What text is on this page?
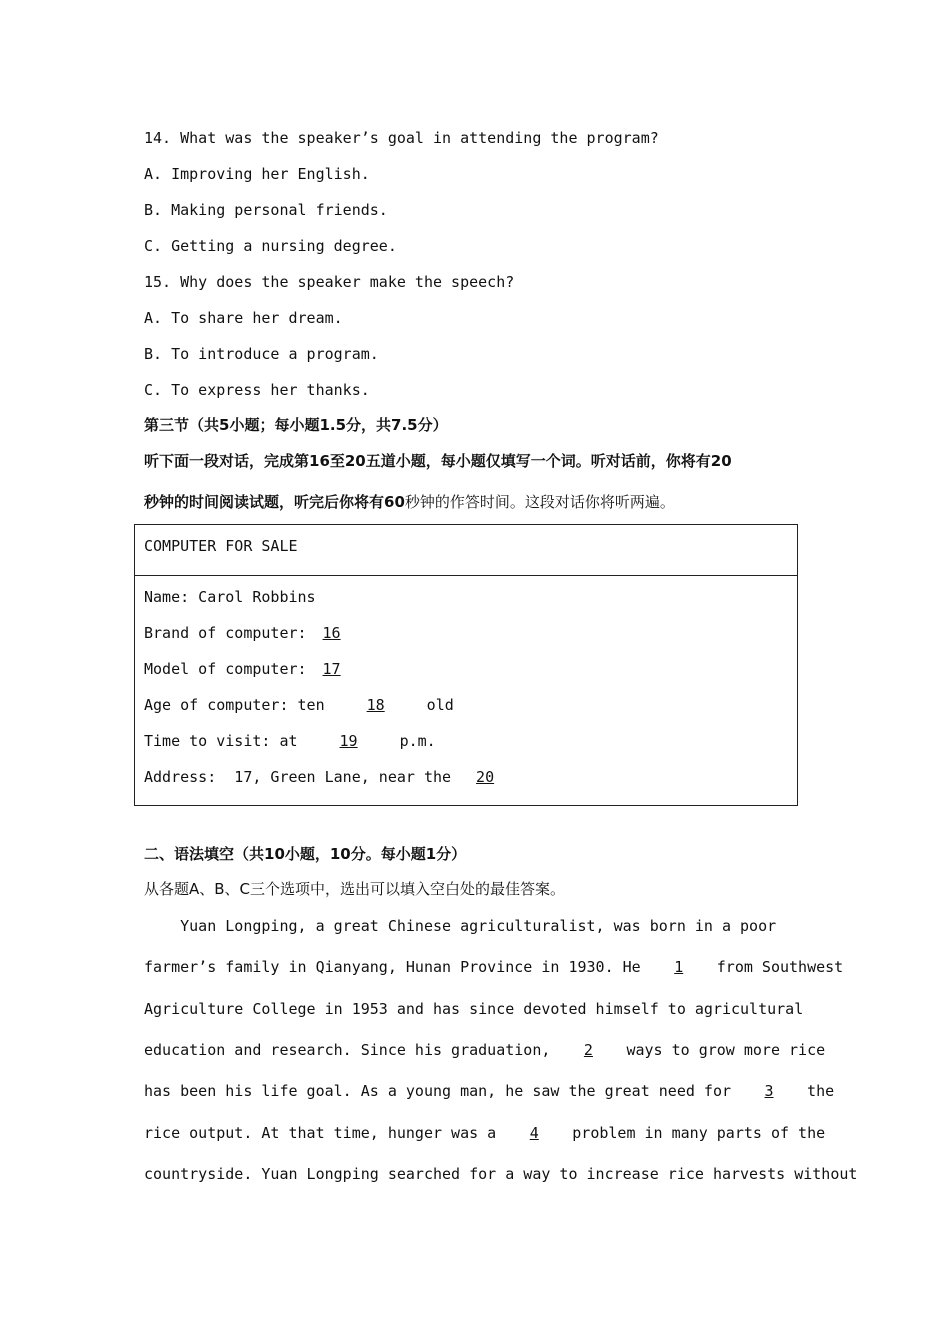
14. What was the speaker’s goal in attending the program?
A. Improving her English.
B. Making personal friends.
C. Getting a nursing degree.
15. Why does the speaker make the speech?
A. To share her dream.
B. To introduce a program.
C. To express her thanks.
第三节（共5小题；每小题1.5分，共7.5分）
听下面一段对话，完成第16至20五道小题，每小题仅填写一个词。听对话前，你将有20
秒钟的时间阅读试题，听完后你将有60秒钟的作答时间。这段对话你将听两遍。
COMPUTER FOR SALE
Name: Carol Robbins
Brand of computer: 16
Model of computer: 17
Age of computer: ten 18 old
Time to visit: at 19 p.m.
Address:  17, Green Lane, near the 20
二、语法填空（共10小题，10分。每小题1分）
从各题A、B、C三个选项中，选出可以填入空白处的最佳答案。
Yuan Longping, a great Chinese agriculturalist, was born in a poor
farmer’s family in Qianyang, Hunan Province in 1930. He 1 from Southwest
Agriculture College in 1953 and has since devoted himself to agricultural
education and research. Since his graduation, 2 ways to grow more rice
has been his life goal. As a young man, he saw the great need for 3 the
rice output. At that time, hunger was a 4 problem in many parts of the
countryside. Yuan Longping searched for a way to increase rice harvests without
